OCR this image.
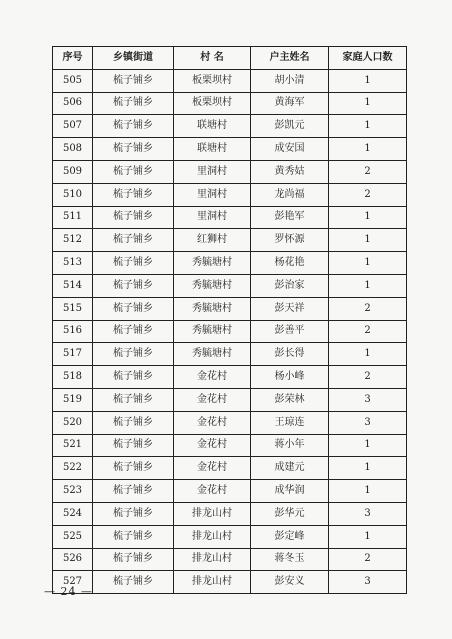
序号	乡镇街道	村 名	户主姓名	家庭人口数
505	梳子铺乡	板栗坝村	胡小清	1
506	梳子铺乡	板栗坝村	黄海军	1
507	梳子铺乡	联塘村	彭凯元	1
508	梳子铺乡	联塘村	成安国	1
509	梳子铺乡	里洞村	黄秀姑	2
510	梳子铺乡	里洞村	龙尚福	2
511	梳子铺乡	里洞村	彭艳军	1
512	梳子铺乡	红狮村	罗怀源	1
513	梳子铺乡	秀毓塘村	杨花艳	1
514	梳子铺乡	秀毓塘村	彭治家	1
515	梳子铺乡	秀毓塘村	彭天祥	2
516	梳子铺乡	秀毓塘村	彭善平	2
517	梳子铺乡	秀毓塘村	彭长得	1
518	梳子铺乡	金花村	杨小峰	2
519	梳子铺乡	金花村	彭荣林	3
520	梳子铺乡	金花村	王琼连	3
521	梳子铺乡	金花村	蒋小年	1
522	梳子铺乡	金花村	成建元	1
523	梳子铺乡	金花村	成华润	1
524	梳子铺乡	排龙山村	彭华元	3
525	梳子铺乡	排龙山村	彭定峰	1
526	梳子铺乡	排龙山村	蒋冬玉	2
527	梳子铺乡	排龙山村	彭安义	3
— 24 —
